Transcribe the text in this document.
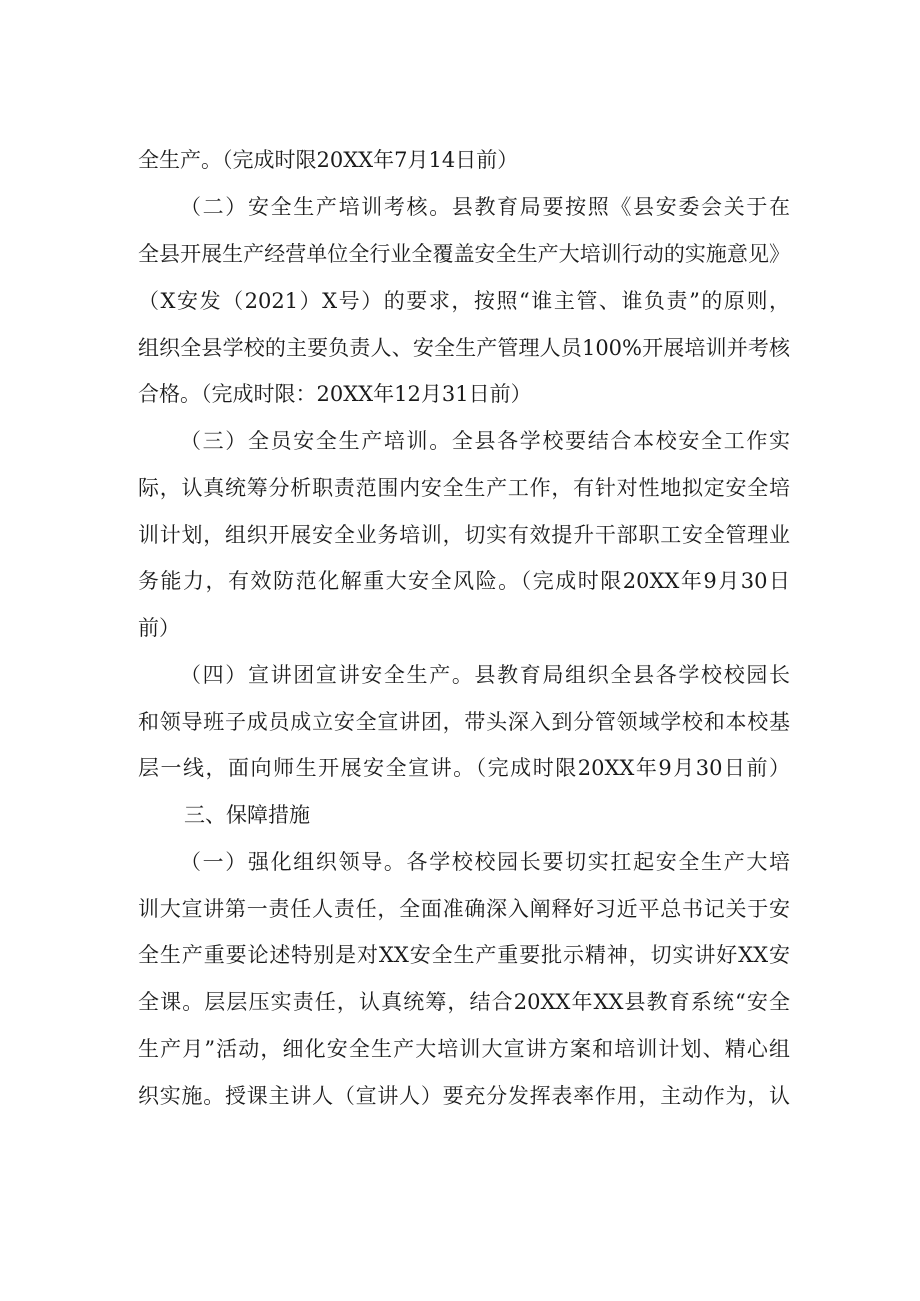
全生产。（完成时限20XX年7月14日前）
（二）安全生产培训考核。县教育局要按照《县安委会关于在
全县开展生产经营单位全行业全覆盖安全生产大培训行动的实施意见》
（X安发（2021）X号）的要求，按照“谁主管、谁负责”的原则，
组织全县学校的主要负责人、安全生产管理人员100%开展培训并考核
合格。（完成时限：20XX年12月31日前）
（三）全员安全生产培训。全县各学校要结合本校安全工作实
际，认真统筹分析职责范围内安全生产工作，有针对性地拟定安全培
训计划，组织开展安全业务培训，切实有效提升干部职工安全管理业
务能力，有效防范化解重大安全风险。（完成时限20XX年9月30日
前）
（四）宣讲团宣讲安全生产。县教育局组织全县各学校校园长
和领导班子成员成立安全宣讲团，带头深入到分管领域学校和本校基
层一线，面向师生开展安全宣讲。（完成时限20XX年9月30日前）
三、保障措施
（一）强化组织领导。各学校校园长要切实扛起安全生产大培
训大宣讲第一责任人责任，全面准确深入阐释好习近平总书记关于安
全生产重要论述特别是对XX安全生产重要批示精神，切实讲好XX安
全课。层层压实责任，认真统筹，结合20XX年XX县教育系统“安全
生产月”活动，细化安全生产大培训大宣讲方案和培训计划、精心组
织实施。授课主讲人（宣讲人）要充分发挥表率作用，主动作为，认
